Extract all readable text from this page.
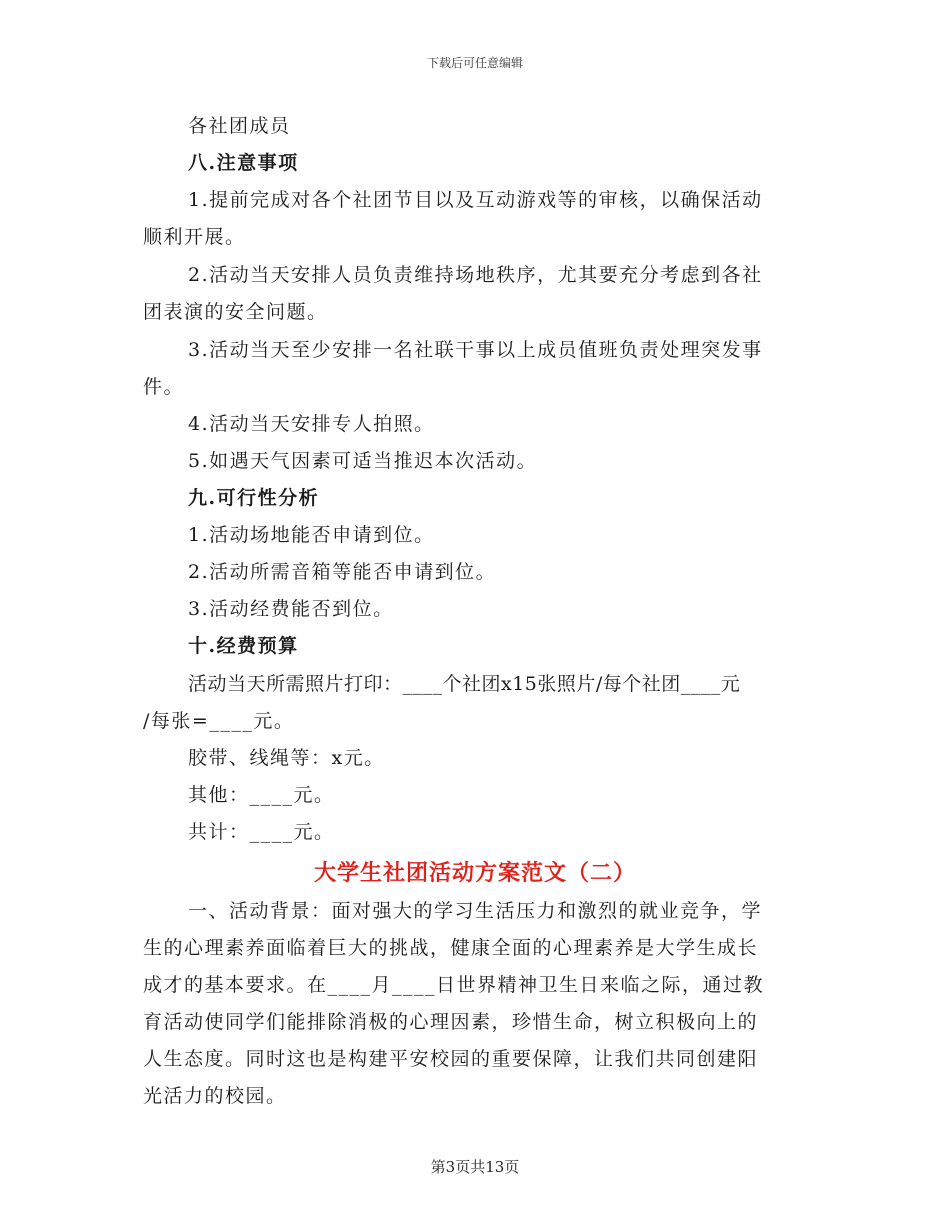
下载后可任意编辑
各社团成员
八.注意事项
1.提前完成对各个社团节目以及互动游戏等的审核，以确保活动
顺利开展。
2.活动当天安排人员负责维持场地秩序，尤其要充分考虑到各社
团表演的安全问题。
3.活动当天至少安排一名社联干事以上成员值班负责处理突发事
件。
4.活动当天安排专人拍照。
5.如遇天气因素可适当推迟本次活动。
九.可行性分析
1.活动场地能否申请到位。
2.活动所需音箱等能否申请到位。
3.活动经费能否到位。
十.经费预算
活动当天所需照片打印：____个社团x15张照片/每个社团____元
/每张=____元。
胶带、线绳等：x元。
其他：____元。
共计：____元。
大学生社团活动方案范文（二）
一、活动背景：面对强大的学习生活压力和激烈的就业竞争，学
生的心理素养面临着巨大的挑战，健康全面的心理素养是大学生成长
成才的基本要求。在____月____日世界精神卫生日来临之际，通过教
育活动使同学们能排除消极的心理因素，珍惜生命，树立积极向上的
人生态度。同时这也是构建平安校园的重要保障，让我们共同创建阳
光活力的校园。
第3页共13页
